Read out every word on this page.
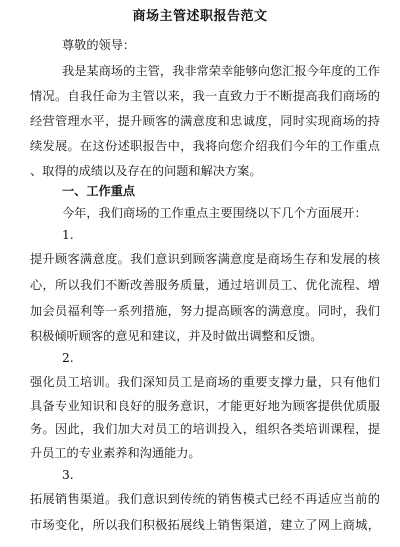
商场主管述职报告范文
尊敬的领导：
我是某商场的主管，我非常荣幸能够向您汇报今年度的工作
情况。自我任命为主管以来，我一直致力于不断提高我们商场的
经营管理水平，提升顾客的满意度和忠诚度，同时实现商场的持
续发展。在这份述职报告中，我将向您介绍我们今年的工作重点
、取得的成绩以及存在的问题和解决方案。
一、工作重点
今年，我们商场的工作重点主要围绕以下几个方面展开：
1.
提升顾客满意度。我们意识到顾客满意度是商场生存和发展的核
心，所以我们不断改善服务质量，通过培训员工、优化流程、增
加会员福利等一系列措施，努力提高顾客的满意度。同时，我们
积极倾听顾客的意见和建议，并及时做出调整和反馈。
2.
强化员工培训。我们深知员工是商场的重要支撑力量，只有他们
具备专业知识和良好的服务意识，才能更好地为顾客提供优质服
务。因此，我们加大对员工的培训投入，组织各类培训课程，提
升员工的专业素养和沟通能力。
3.
拓展销售渠道。我们意识到传统的销售模式已经不再适应当前的
市场变化，所以我们积极拓展线上销售渠道，建立了网上商城，
